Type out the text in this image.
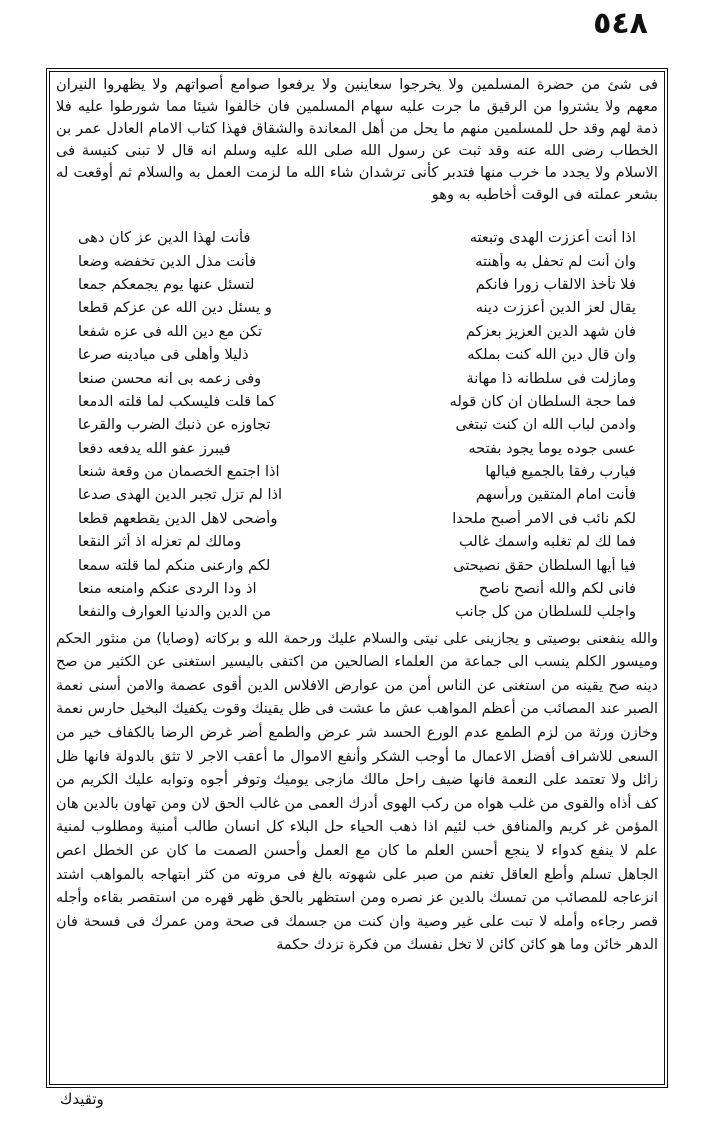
٥٤٨

فى شئ من حضرة المسلمين ولا يخرجوا سعاينين ولا يرفعوا صوامع أصواتهم ولا يظهروا النيران معهم ولا يشتروا من الرقيق ما جرت عليه سهام المسلمين فان خالفوا شيئا مما شورطوا عليه فلا ذمة لهم وقد حل للمسلمين منهم ما يحل من أهل المعاندة والشقاق فهذا كتاب الامام العادل عمر بن الخطاب رضى الله عنه وقد ثبت عن رسول الله صلى الله عليه وسلم انه قال لا تبنى كنيسة فى الاسلام ولا يجدد ما خرب منها فتدبر كأنى ترشدان شاء الله ما لزمت العمل به والسلام ثم أوقعت له بشعر عملته فى الوقت أخاطبه به وهو

اذا أنت أعززت الهدى وتبعته
فأنت لهذا الدين عز كان دهى
وان أنت لم تحفل به وأهنته
فأنت مذل الدين تخفضه وضعا
فلا تأخذ الالقاب زورا فانكم
لتسئل عنها يوم يجمعكم جمعا
يقال لعز الدين أعززت دينه
و يسئل دين الله عن عزكم قطعا
فان شهد الدين العزيز بعزكم
تكن مع دين الله فى عزه شفعا
وان قال دين الله كنت بملكه
ذليلا وأهلى فى ميادينه صرعا
ومازلت فى سلطانه ذا مهانة
وفى زعمه بى انه محسن صنعا
فما حجة السلطان ان كان قوله
كما قلت فليسكب لما قلته الدمعا
وادمن لباب الله ان كنت تبتغى
تجاوزه عن ذنبك الضرب والقرعا
عسى جوده يوما يجود بفتحه
فيبرز عفو الله يدفعه دفعا
فيارب رفقا بالجميع فيالها
اذا اجتمع الخصمان من وقعة شنعا
فأنت امام المتقين ورأسهم
اذا لم تزل تجبر الدين الهدى صدعا
لكم نائب فى الامر أصبح ملحدا
وأضحى لاهل الدين يقطعهم قطعا
فما لك لم تغلبه واسمك غالب
ومالك لم تعزله اذ أثر النقعا
فيا أيها السلطان حقق نصيحتى
لكم وارعنى منكم لما قلته سمعا
فانى لكم والله أنصح ناصح
اذ ودا الردى عنكم وامنعه منعا
واجلب للسلطان من كل جانب
من الدين والدنيا العوارف والنفعا

والله ينفعنى بوصيتى و يجازينى على نيتى والسلام عليك ورحمة الله و بركاته (وصايا) من منثور الحكم وميسور الكلم ينسب الى جماعة من العلماء الصالحين من اكتفى باليسير استغنى عن الكثير من صح دينه صح يقينه من استغنى عن الناس أمن من عوارض الافلاس الدين أقوى عصمة والامن أسنى نعمة الصبر عند المصائب من أعظم المواهب عش ما عشت فى ظل يقينك وقوت يكفيك البخيل حارس نعمة وخازن ورثة من لزم الطمع عدم الورع الحسد شر عرض والطمع أضر غرض الرضا بالكفاف خير من السعى للاشراف أفضل الاعمال ما أوجب الشكر وأنفع الاموال ما أعقب الاجر لا تثق بالدولة فانها ظل زائل ولا تعتمد على النعمة فانها ضيف راحل مالك مازجى يوميك وتوفر أجوه وتوابه عليك الكريم من كف أذاه والقوى من غلب هواه من ركب الهوى أدرك العمى من غالب الحق لان ومن تهاون بالدين هان المؤمن غر كريم والمنافق خب لئيم اذا ذهب الحياء حل البلاء كل انسان طالب أمنية ومطلوب لمنية علم لا ينفع كدواء لا ينجع أحسن العلم ما كان مع العمل وأحسن الصمت ما كان عن الخطل اعص الجاهل تسلم وأطع العاقل تغنم من صبر على شهوته بالغ فى مروته من كثر ابتهاجه بالمواهب اشتد انزعاجه للمصائب من تمسك بالدين عز نصره ومن استظهر بالحق ظهر قهره من استقصر بقاءه وأجله قصر رجاءه وأمله لا تبت على غير وصية وان كنت من جسمك فى صحة ومن عمرك فى فسحة فان الدهر خائن وما هو كائن كائن لا تخل نفسك من فكرة تزدك حكمة

وتقيدك
